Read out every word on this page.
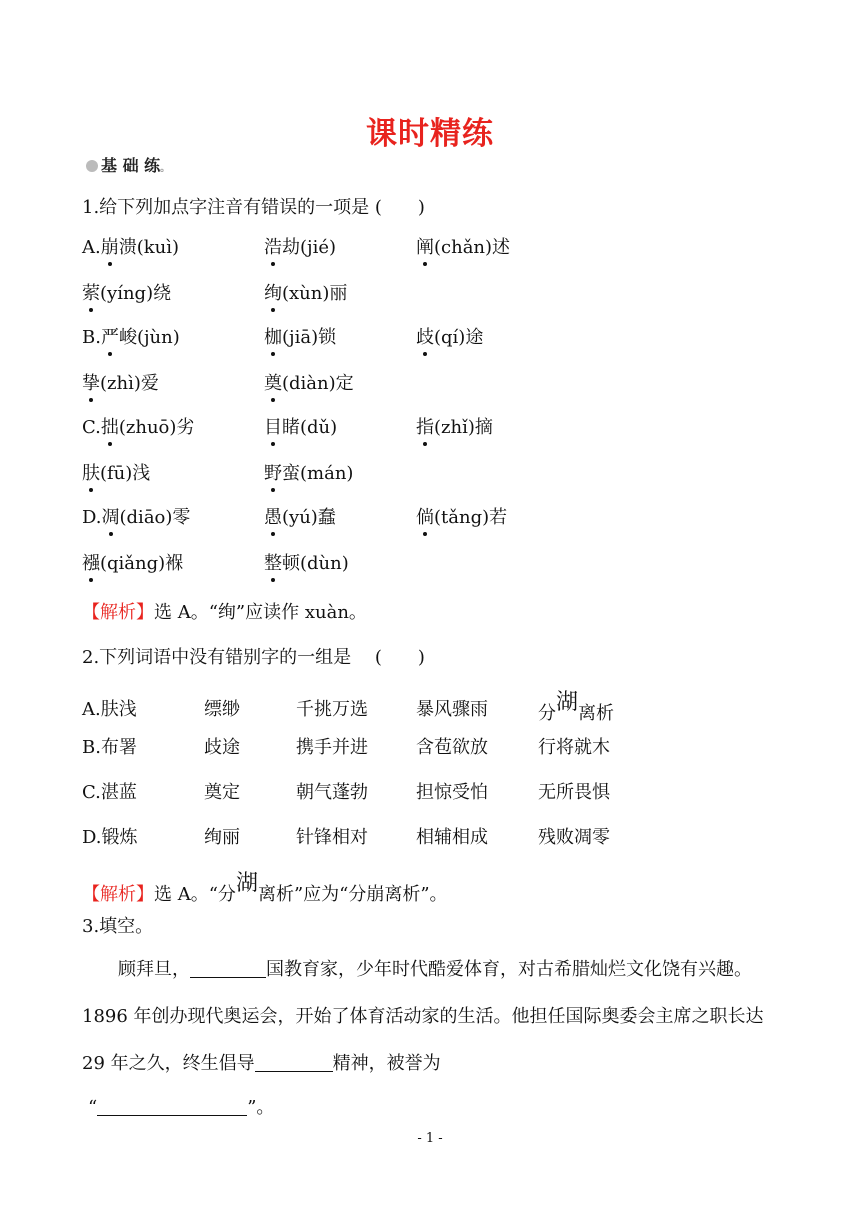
课时精练
基 础 练。
1.给下列加点字注音有错误的一项是 (　　)
A.崩溃(kuì)	浩劫(jié)	阐(chǎn)述
萦(yíng)绕	绚(xùn)丽
B.严峻(jùn)	枷(jiā)锁	歧(qí)途
挚(zhì)爱	奠(diàn)定
C.拙(zhuō)劣	目睹(dǔ)	指(zhǐ)摘
肤(fū)浅	野蛮(mán)
D.凋(diāo)零	愚(yú)蠢	倘(tǎng)若
襁(qiǎng)褓	整顿(dùn)
【解析】选 A。“绚”应读作 xuàn。
2.下列词语中没有错别字的一组是　 (　　)
A.肤浅	缥缈	千挑万选	暴风骤雨	分湖离析
B.布署	歧途	携手并进	含苞欲放	行将就木
C.湛蓝	奠定	朝气蓬勃	担惊受怕	无所畏惧
D.锻炼	绚丽	针锋相对	相辅相成	残败凋零
【解析】选 A。“分湖离析”应为“分崩离析”。
3.填空。
顾拜旦，	国教育家，少年时代酷爱体育，对古希腊灿烂文化饶有兴趣。1896 年创办现代奥运会，开始了体育活动家的生活。他担任国际奥委会主席之职长达 29 年之久，终生倡导	精神，被誉为
“	”。
- 1 -
